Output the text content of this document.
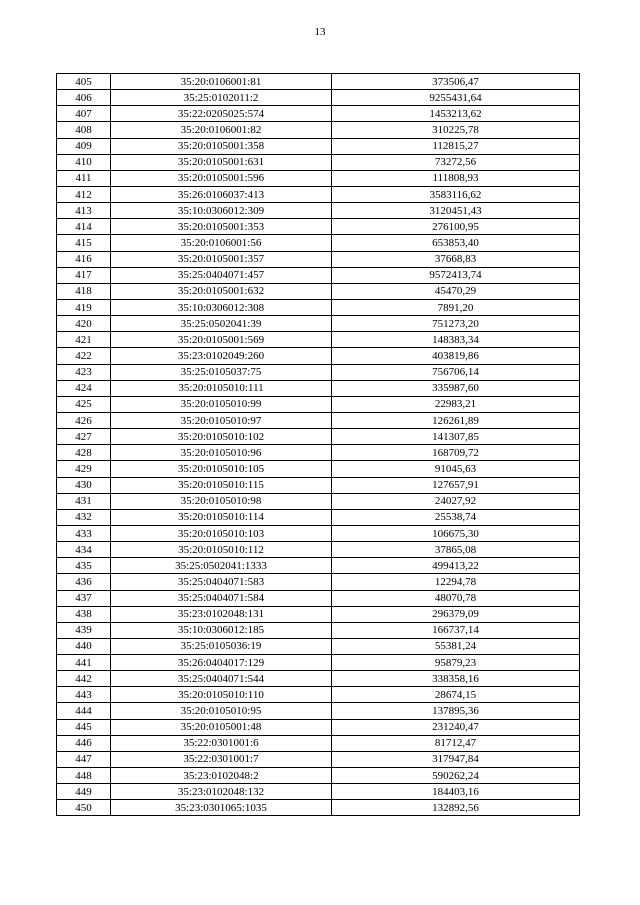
13
405	35:20:0106001:81	373506,47
406	35:25:0102011:2	9255431,64
407	35:22:0205025:574	1453213,62
408	35:20:0106001:82	310225,78
409	35:20:0105001:358	112815,27
410	35:20:0105001:631	73272,56
411	35:20:0105001:596	111808,93
412	35:26:0106037:413	3583116,62
413	35:10:0306012:309	3120451,43
414	35:20:0105001:353	276100,95
415	35:20:0106001:56	653853,40
416	35:20:0105001:357	37668,83
417	35:25:0404071:457	9572413,74
418	35:20:0105001:632	45470,29
419	35:10:0306012:308	7891,20
420	35:25:0502041:39	751273,20
421	35:20:0105001:569	148383,34
422	35:23:0102049:260	403819,86
423	35:25:0105037:75	756706,14
424	35:20:0105010:111	335987,60
425	35:20:0105010:99	22983,21
426	35:20:0105010:97	126261,89
427	35:20:0105010:102	141307,85
428	35:20:0105010:96	168709,72
429	35:20:0105010:105	91045,63
430	35:20:0105010:115	127657,91
431	35:20:0105010:98	24027,92
432	35:20:0105010:114	25538,74
433	35:20:0105010:103	106675,30
434	35:20:0105010:112	37865,08
435	35:25:0502041:1333	499413,22
436	35:25:0404071:583	12294,78
437	35:25:0404071:584	48070,78
438	35:23:0102048:131	296379,09
439	35:10:0306012:185	166737,14
440	35:25:0105036:19	55381,24
441	35:26:0404017:129	95879,23
442	35:25:0404071:544	338358,16
443	35:20:0105010:110	28674,15
444	35:20:0105010:95	137895,36
445	35:20:0105001:48	231240,47
446	35:22:0301001:6	81712,47
447	35:22:0301001:7	317947,84
448	35:23:0102048:2	590262,24
449	35:23:0102048:132	184403,16
450	35:23:0301065:1035	132892,56
